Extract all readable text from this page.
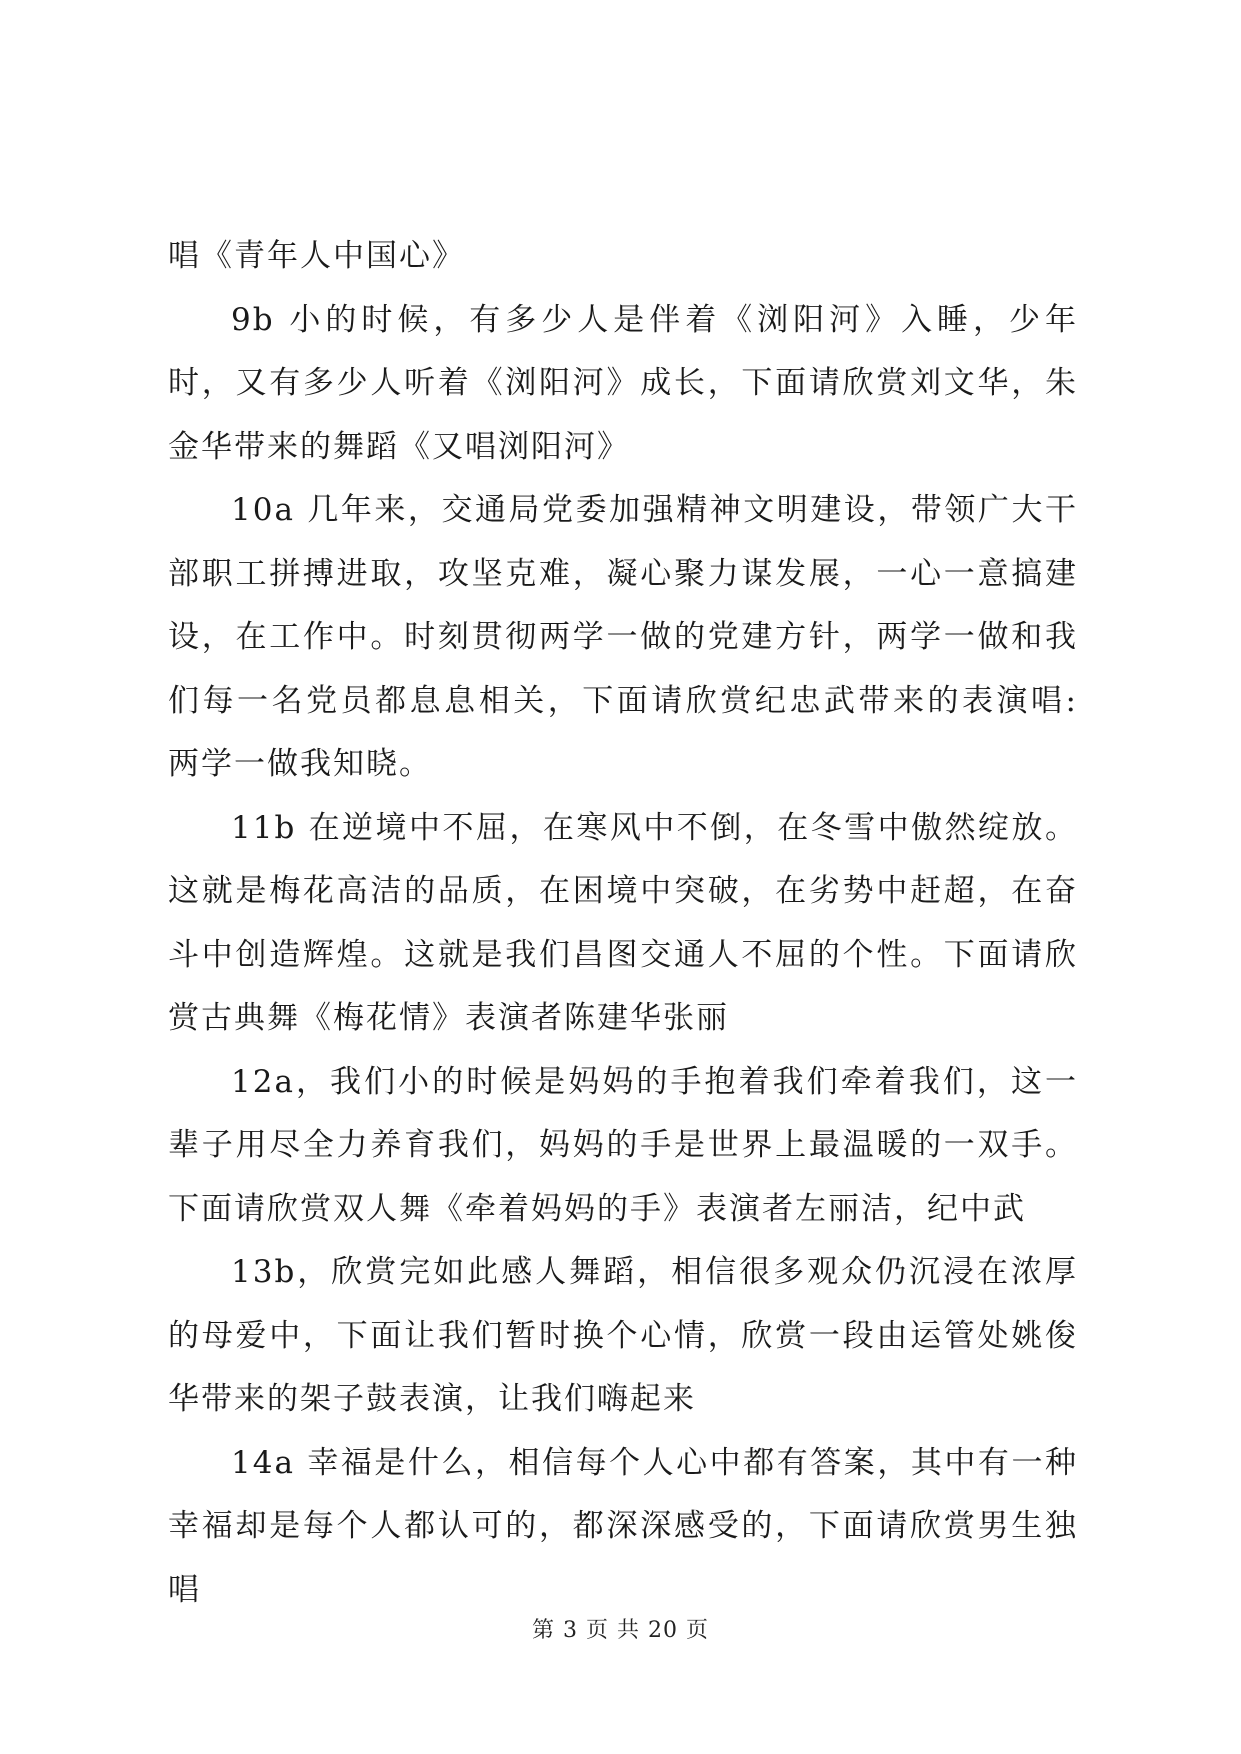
唱《青年人中国心》

9b 小的时候，有多少人是伴着《浏阳河》入睡，少年时，又有多少人听着《浏阳河》成长，下面请欣赏刘文华，朱金华带来的舞蹈《又唱浏阳河》

10a 几年来，交通局党委加强精神文明建设，带领广大干部职工拼搏进取，攻坚克难，凝心聚力谋发展，一心一意搞建设，在工作中。时刻贯彻两学一做的党建方针，两学一做和我们每一名党员都息息相关，下面请欣赏纪忠武带来的表演唱: 两学一做我知晓。

11b 在逆境中不屈，在寒风中不倒，在冬雪中傲然绽放。这就是梅花高洁的品质，在困境中突破，在劣势中赶超，在奋斗中创造辉煌。这就是我们昌图交通人不屈的个性。下面请欣赏古典舞《梅花情》表演者陈建华张丽

12a，我们小的时候是妈妈的手抱着我们牵着我们，这一辈子用尽全力养育我们，妈妈的手是世界上最温暖的一双手。下面请欣赏双人舞《牵着妈妈的手》表演者左丽洁，纪中武

13b，欣赏完如此感人舞蹈，相信很多观众仍沉浸在浓厚的母爱中，下面让我们暂时换个心情，欣赏一段由运管处姚俊华带来的架子鼓表演，让我们嗨起来

14a 幸福是什么，相信每个人心中都有答案，其中有一种幸福却是每个人都认可的，都深深感受的，下面请欣赏男生独唱

第 3 页 共 20 页
